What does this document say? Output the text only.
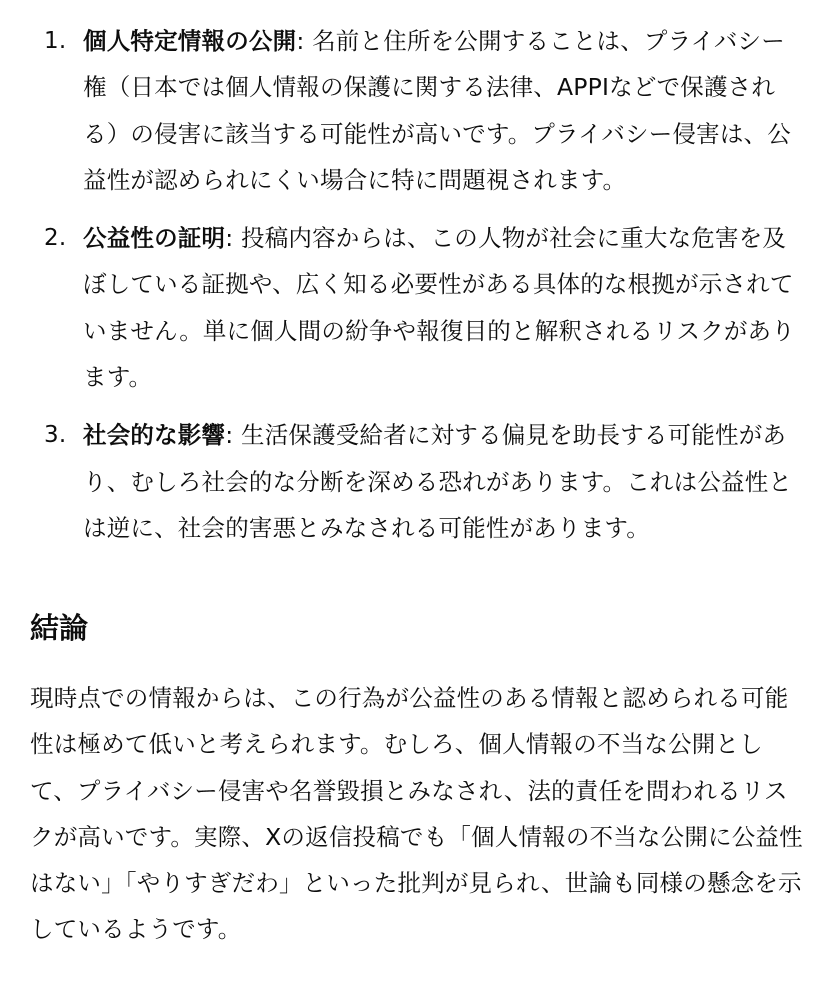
1. 個人特定情報の公開: 名前と住所を公開することは、プライバシー権（日本では個人情報の保護に関する法律、APPIなどで保護される）の侵害に該当する可能性が高いです。プライバシー侵害は、公益性が認められにくい場合に特に問題視されます。
2. 公益性の証明: 投稿内容からは、この人物が社会に重大な危害を及ぼしている証拠や、広く知る必要性がある具体的な根拠が示されていません。単に個人間の紛争や報復目的と解釈されるリスクがあります。
3. 社会的な影響: 生活保護受給者に対する偏見を助長する可能性があり、むしろ社会的な分断を深める恐れがあります。これは公益性とは逆に、社会的害悪とみなされる可能性があります。
結論

現時点での情報からは、この行為が公益性のある情報と認められる可能性は極めて低いと考えられます。むしろ、個人情報の不当な公開として、プライバシー侵害や名誉毀損とみなされ、法的責任を問われるリスクが高いです。実際、Xの返信投稿でも「個人情報の不当な公開に公益性はない」「やりすぎだわ」といった批判が見られ、世論も同様の懸念を示しているようです。
